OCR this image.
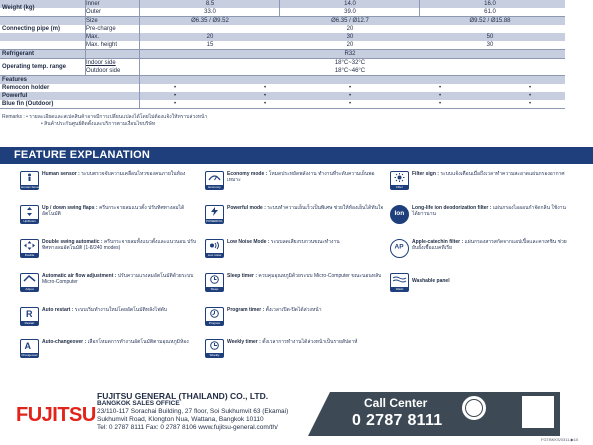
Inner	8.5	14.0	16.0
Outer	33.0	39.0	61.0
Weight (kg)
Size	Ø6.35 / Ø9.52	Ø6.35 / Ø12.7	Ø9.52 / Ø15.88
Pre-charge	20
Max.	20	30	50
Max. height	15	20	30
Connecting pipe (m)
Refrigerant	R32
Indoor side	18°C~32°C
Outdoor side	18°C~46°C
Operating temp. range
Features
Remocon holder	•	•	•	•	•
Powerful	•	•	•	•	•
Blue fin (Outdoor)	•	•	•	•	•
Remarks : • รายละเอียดและสเปคสินค้าอาจมีการเปลี่ยนแปลงได้โดยไม่ต้องแจ้งให้ทราบล่วงหน้า
• สินค้าประกันศูนย์ติดตั้งและบริการตามเงื่อนไขบริษัท
FEATURE EXPLANATION
Human Sensor
Human sensor : ระบบตรวจจับความเคลื่อนไหวของคนภายในห้อง
Up/Down
Up / down swing flaps : ครีบกระจายลมแนวตั้ง ปรับทิศทางลมได้อัตโนมัติ
Double
Double swing automatic : ครีบกระจายลมทั้งแนวตั้งและแนวนอน ปรับทิศทางลมอัตโนมัติ (1-8/240 modes)
Adjust
Automatic air flow adjustment : ปรับความแรงลมอัตโนมัติด้วยระบบ Micro-Computer
R
Restart
Auto restart : ระบบเริ่มทำงานใหม่โดยอัตโนมัติหลังไฟดับ
A
Changeover
Auto-changeover : เลือกโหมดการทำงานอัตโนมัติตามอุณหภูมิห้อง
Economy
Economy mode : โหมดประหยัดพลังงาน ทำงานที่ระดับความเย็นพอเหมาะ
POWERFUL
Powerful mode : ระบบทำความเย็นเร็วเป็นพิเศษ ช่วยให้ห้องเย็นได้ทันใจ
Low noise
Low Noise Mode : ระบบลดเสียงรบกวนขณะทำงาน
Sleep
Sleep timer : ควบคุมอุณหภูมิด้วยระบบ Micro-Computer ขณะนอนหลับ
Program
Program timer : ตั้งเวลาเปิด-ปิดได้ล่วงหน้า
Weekly
Weekly timer : ตั้งเวลาการทำงานได้ล่วงหน้าเป็นรายสัปดาห์
Filter
Filter sign : ระบบแจ้งเตือนเมื่อถึงเวลาทำความสะอาดแผ่นกรองอากาศ
Ion
Long-life ion deodorization filter : แผ่นกรองไอออนกำจัดกลิ่น ใช้งานได้ยาวนาน
AP
Apple-catechin filter : แผ่นกรองสารสกัดจากแอปเปิ้ลและคาเทชิน ช่วยยับยั้งเชื้อแบคทีเรีย
Wash
Washable panel
FUJITSU
FUJITSU GENERAL (THAILAND) CO., LTD.
BANGKOK SALES OFFICE
23/110-117 Sorachai Building, 27 floor, Soi Sukhumvit 63 (Ekamai)
Sukhumvit Road, Klongton Nua, Wattana, Bangkok 10110
Tel: 0 2787 8111 Fax: 0 2787 8106 www.fujitsu-general.com/th/
Call Center
0 2787 8111
FGTBKKS/0311-▶10
